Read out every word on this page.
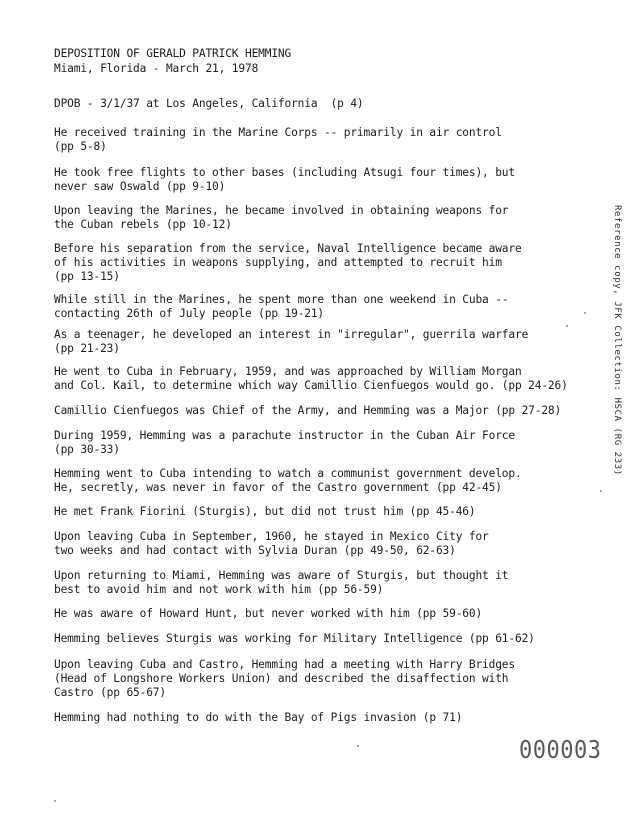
DEPOSITION OF GERALD PATRICK HEMMING
Miami, Florida - March 21, 1978
DPOB - 3/1/37 at Los Angeles, California  (p 4)
He received training in the Marine Corps -- primarily in air control
(pp 5-8)
He took free flights to other bases (including Atsugi four times), but
never saw Oswald (pp 9-10)
Upon leaving the Marines, he became involved in obtaining weapons for
the Cuban rebels (pp 10-12)
Before his separation from the service, Naval Intelligence became aware
of his activities in weapons supplying, and attempted to recruit him
(pp 13-15)
While still in the Marines, he spent more than one weekend in Cuba --
contacting 26th of July people (pp 19-21)
As a teenager, he developed an interest in "irregular", guerrila warfare
(pp 21-23)
He went to Cuba in February, 1959, and was approached by William Morgan
and Col. Kail, to determine which way Camillio Cienfuegos would go. (pp 24-26)
Camillio Cienfuegos was Chief of the Army, and Hemming was a Major (pp 27-28)
During 1959, Hemming was a parachute instructor in the Cuban Air Force
(pp 30-33)
Hemming went to Cuba intending to watch a communist government develop.
He, secretly, was never in favor of the Castro government (pp 42-45)
He met Frank Fiorini (Sturgis), but did not trust him (pp 45-46)
Upon leaving Cuba in September, 1960, he stayed in Mexico City for
two weeks and had contact with Sylvia Duran (pp 49-50, 62-63)
Upon returning to Miami, Hemming was aware of Sturgis, but thought it
best to avoid him and not work with him (pp 56-59)
He was aware of Howard Hunt, but never worked with him (pp 59-60)
Hemming believes Sturgis was working for Military Intelligence (pp 61-62)
Upon leaving Cuba and Castro, Hemming had a meeting with Harry Bridges
(Head of Longshore Workers Union) and described the disaffection with
Castro (pp 65-67)
Hemming had nothing to do with the Bay of Pigs invasion (p 71)
Reference copy, JFK Collection: HSCA (RG 233)
000003
